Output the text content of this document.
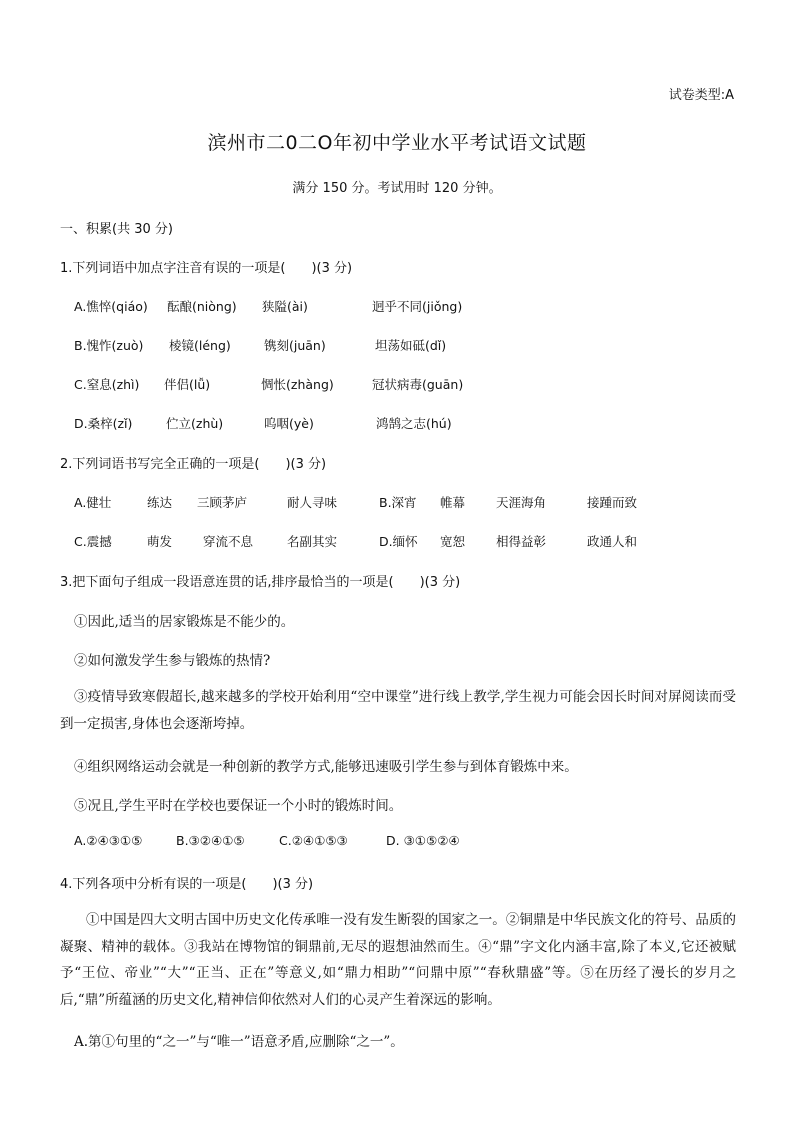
试卷类型:A
滨州市二0二O年初中学业水平考试语文试题
满分 150 分。考试用时 120 分钟。
一、积累(共 30 分)
1.下列词语中加点字注音有误的一项是(　　)(3 分)
A.憔悴(qiáo) 酝酿(niòng) 狭隘(ài)	迥乎不同(jiǒng)
B.愧怍(zuò) 棱镜(léng)	镌刻(juān)	坦荡如砥(dǐ)
C.窒息(zhì) 伴侣(lǚ)	惆怅(zhàng)	冠状病毒(guān)
D.桑梓(zǐ)	伫立(zhù)	呜咽(yè)	鸿鹄之志(hú)
2.下列词语书写完全正确的一项是(　　)(3 分)
A.健壮	练达 三顾茅庐	耐人寻味	B.深宵 帷幕 天涯海角	接踵而致
C.震撼	萌发 穿流不息	名副其实	D.缅怀 宽恕 相得益彰	政通人和
3.把下面句子组成一段语意连贯的话,排序最恰当的一项是(　　)(3 分)
①因此,适当的居家锻炼是不能少的。
②如何激发学生参与锻炼的热情?
③疫情导致寒假超长,越来越多的学校开始利用“空中课堂”进行线上教学,学生视力可能会因长时间对屏阅读而受到一定损害,身体也会逐渐垮掉。
④组织网络运动会就是一种创新的教学方式,能够迅速吸引学生参与到体育锻炼中来。
⑤况且,学生平时在学校也要保证一个小时的锻炼时间。
A.②④③①⑤	B.③②④①⑤	C.②④①⑤③	D. ③①⑤②④
4.下列各项中分析有误的一项是(　　)(3 分)
①中国是四大文明古国中历史文化传承唯一没有发生断裂的国家之一。②铜鼎是中华民族文化的符号、品质的凝聚、精神的载体。③我站在博物馆的铜鼎前,无尽的遐想油然而生。④“鼎”字文化内涵丰富,除了本义,它还被赋予“王位、帝业”“大”“正当、正在”等意义,如“鼎力相助”“问鼎中原”“春秋鼎盛”等。⑤在历经了漫长的岁月之后,“鼎”所蕴涵的历史文化,精神信仰依然对人们的心灵产生着深远的影响。
A.第①句里的“之一”与“唯一”语意矛盾,应删除“之一”。
